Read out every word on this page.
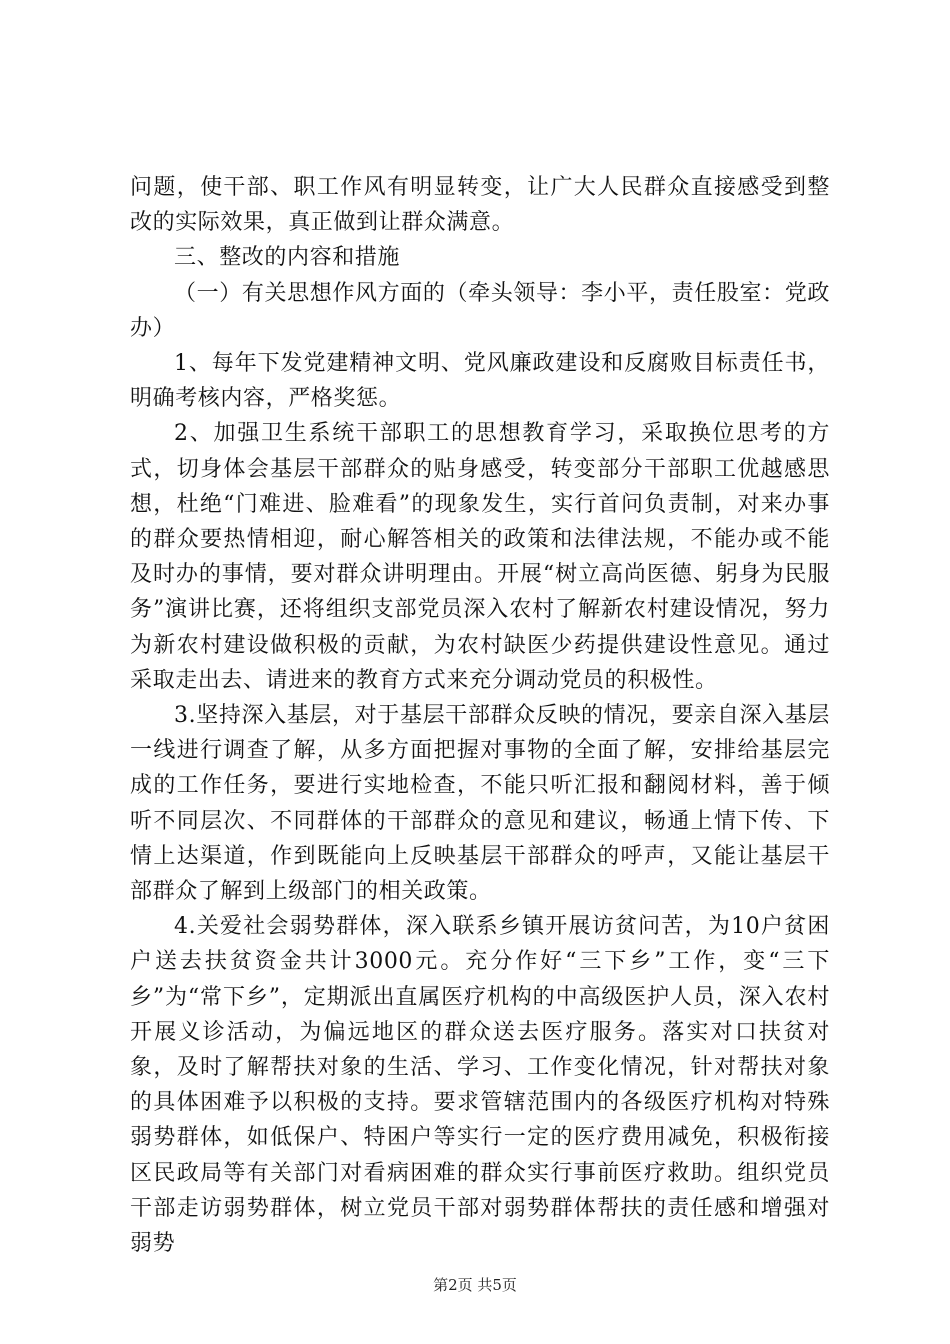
问题，使干部、职工作风有明显转变，让广大人民群众直接感受到整改的实际效果，真正做到让群众满意。

三、整改的内容和措施

（一）有关思想作风方面的（牵头领导：李小平，责任股室：党政办）

1、每年下发党建精神文明、党风廉政建设和反腐败目标责任书，明确考核内容，严格奖惩。

2、加强卫生系统干部职工的思想教育学习，采取换位思考的方式，切身体会基层干部群众的贴身感受，转变部分干部职工优越感思想，杜绝“门难进、脸难看”的现象发生，实行首问负责制，对来办事的群众要热情相迎，耐心解答相关的政策和法律法规，不能办或不能及时办的事情，要对群众讲明理由。开展“树立高尚医德、躬身为民服务”演讲比赛，还将组织支部党员深入农村了解新农村建设情况，努力为新农村建设做积极的贡献，为农村缺医少药提供建设性意见。通过采取走出去、请进来的教育方式来充分调动党员的积极性。

3.坚持深入基层，对于基层干部群众反映的情况，要亲自深入基层一线进行调查了解，从多方面把握对事物的全面了解，安排给基层完成的工作任务，要进行实地检查，不能只听汇报和翻阅材料，善于倾听不同层次、不同群体的干部群众的意见和建议，畅通上情下传、下情上达渠道，作到既能向上反映基层干部群众的呼声，又能让基层干部群众了解到上级部门的相关政策。

4.关爱社会弱势群体，深入联系乡镇开展访贫问苦，为10户贫困户送去扶贫资金共计3000元。充分作好“三下乡”工作，变“三下乡”为“常下乡”，定期派出直属医疗机构的中高级医护人员，深入农村开展义诊活动，为偏远地区的群众送去医疗服务。落实对口扶贫对象，及时了解帮扶对象的生活、学习、工作变化情况，针对帮扶对象的具体困难予以积极的支持。要求管辖范围内的各级医疗机构对特殊弱势群体，如低保户、特困户等实行一定的医疗费用减免，积极衔接区民政局等有关部门对看病困难的群众实行事前医疗救助。组织党员干部走访弱势群体，树立党员干部对弱势群体帮扶的责任感和增强对弱势

第2页 共5页
